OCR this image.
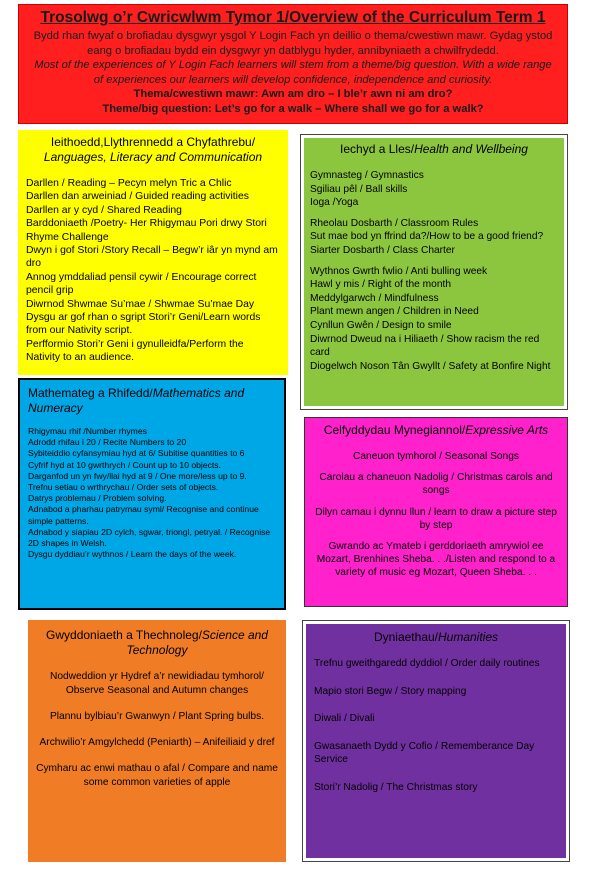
Trosolwg o’r Cwricwlwm Tymor 1/Overview of the Curriculum Term 1
Bydd rhan fwyaf o brofiadau dysgwyr ysgol Y Login Fach yn deillio o thema/cwestiwn mawr. Gydag ystod
eang o brofiadau bydd ein dysgwyr yn datblygu hyder, annibyniaeth a chwilfrydedd.
Most of the experiences of Y Login Fach learners will stem from a theme/big question. With a wide range
of experiences our learners will develop confidence, independence and curiosity.
Thema/cwestiwn mawr: Awn am dro – I ble’r awn ni am dro?
Theme/big question: Let’s go for a walk – Where shall we go for a walk?
Ieithoedd,Llythrennedd a Chyfathrebu/
Languages, Literacy and Communication
Darllen / Reading – Pecyn melyn Tric a Chlic
Darllen dan arweiniad / Guided reading activities
Darllen ar y cyd / Shared Reading
Barddoniaeth /Poetry- Her Rhigymau Pori drwy Stori Rhyme Challenge
Dwyn i gof Stori /Story Recall – Begw’r iâr yn mynd am dro
Annog ymddaliad pensil cywir / Encourage correct pencil grip
Diwrnod Shwmae Su’mae / Shwmae Su’mae Day
Dysgu ar gof rhan o sgript Stori’r Geni/Learn words from our Nativity script.
Perfformio Stori’r Geni i gynulleidfa/Perform the Nativity to an audience.
Mathemateg a Rhifedd/Mathematics and Numeracy
Rhigymau rhif /Number rhymes
Adrodd rhifau i 20 / Recite Numbers to 20
Sybiteiddio cyfansymiau hyd at 6/ Subitise quantities to 6
Cyfrif hyd at 10 gwrthrych / Count up to 10 objects.
Darganfod un yn fwy/llai hyd at 9 / One more/less up to 9.
Trefnu setiau o wrthrychau / Order sets of objects.
Datrys problemau / Problem solving.
Adnabod a pharhau patrymau syml/ Recognise and continue simple patterns.
Adnabod y siapiau 2D cylch, sgwar, triongl, petryal. / Recognise 2D shapes in Welsh.
Dysgu dyddiau’r wythnos / Learn the days of the week.
Iechyd a Lles/Health and Wellbeing
Gymnasteg / Gymnastics
Sgiliau pêl / Ball skills
Ioga /Yoga
Rheolau Dosbarth / Classroom Rules
Sut mae bod yn ffrind da?/How to be a good friend?
Siarter Dosbarth / Class Charter
Wythnos Gwrth fwlio / Anti bulling week
Hawl y mis / Right of the month
Meddylgarwch / Mindfulness
Plant mewn angen / Children in Need
Cynllun Gwên / Design to smile
Diwrnod Dweud na i Hiliaeth / Show racism the red card
Diogelwch Noson Tân Gwyllt / Safety at Bonfire Night
Celfyddydau Mynegiannol/Expressive Arts
Caneuon tymhorol / Seasonal Songs
Carolau a chaneuon Nadolig / Christmas carols and songs
Dilyn camau i dynnu llun / learn to draw a picture step by step
Gwrando ac Ymateb i gerddoriaeth amrywiol ee Mozart, Brenhines Sheba. . ./Listen and respond to a variety of music eg Mozart, Queen Sheba. . .
Gwyddoniaeth a Thechnoleg/Science and Technology
Nodweddion yr Hydref a’r newidiadau tymhorol/ Observe Seasonal and Autumn changes
Plannu bylbiau’r Gwanwyn / Plant Spring bulbs.
Archwilio’r Amgylchedd (Peniarth) – Anifeiliaid y dref
Cymharu ac enwi mathau o afal / Compare and name some common varieties of apple
Dyniaethau/Humanities
Trefnu gweithgaredd dyddiol / Order daily routines
Mapio stori Begw / Story mapping
Diwali / Divali
Gwasanaeth Dydd y Cofio / Rememberance Day Service
Stori’r Nadolig / The Christmas story
